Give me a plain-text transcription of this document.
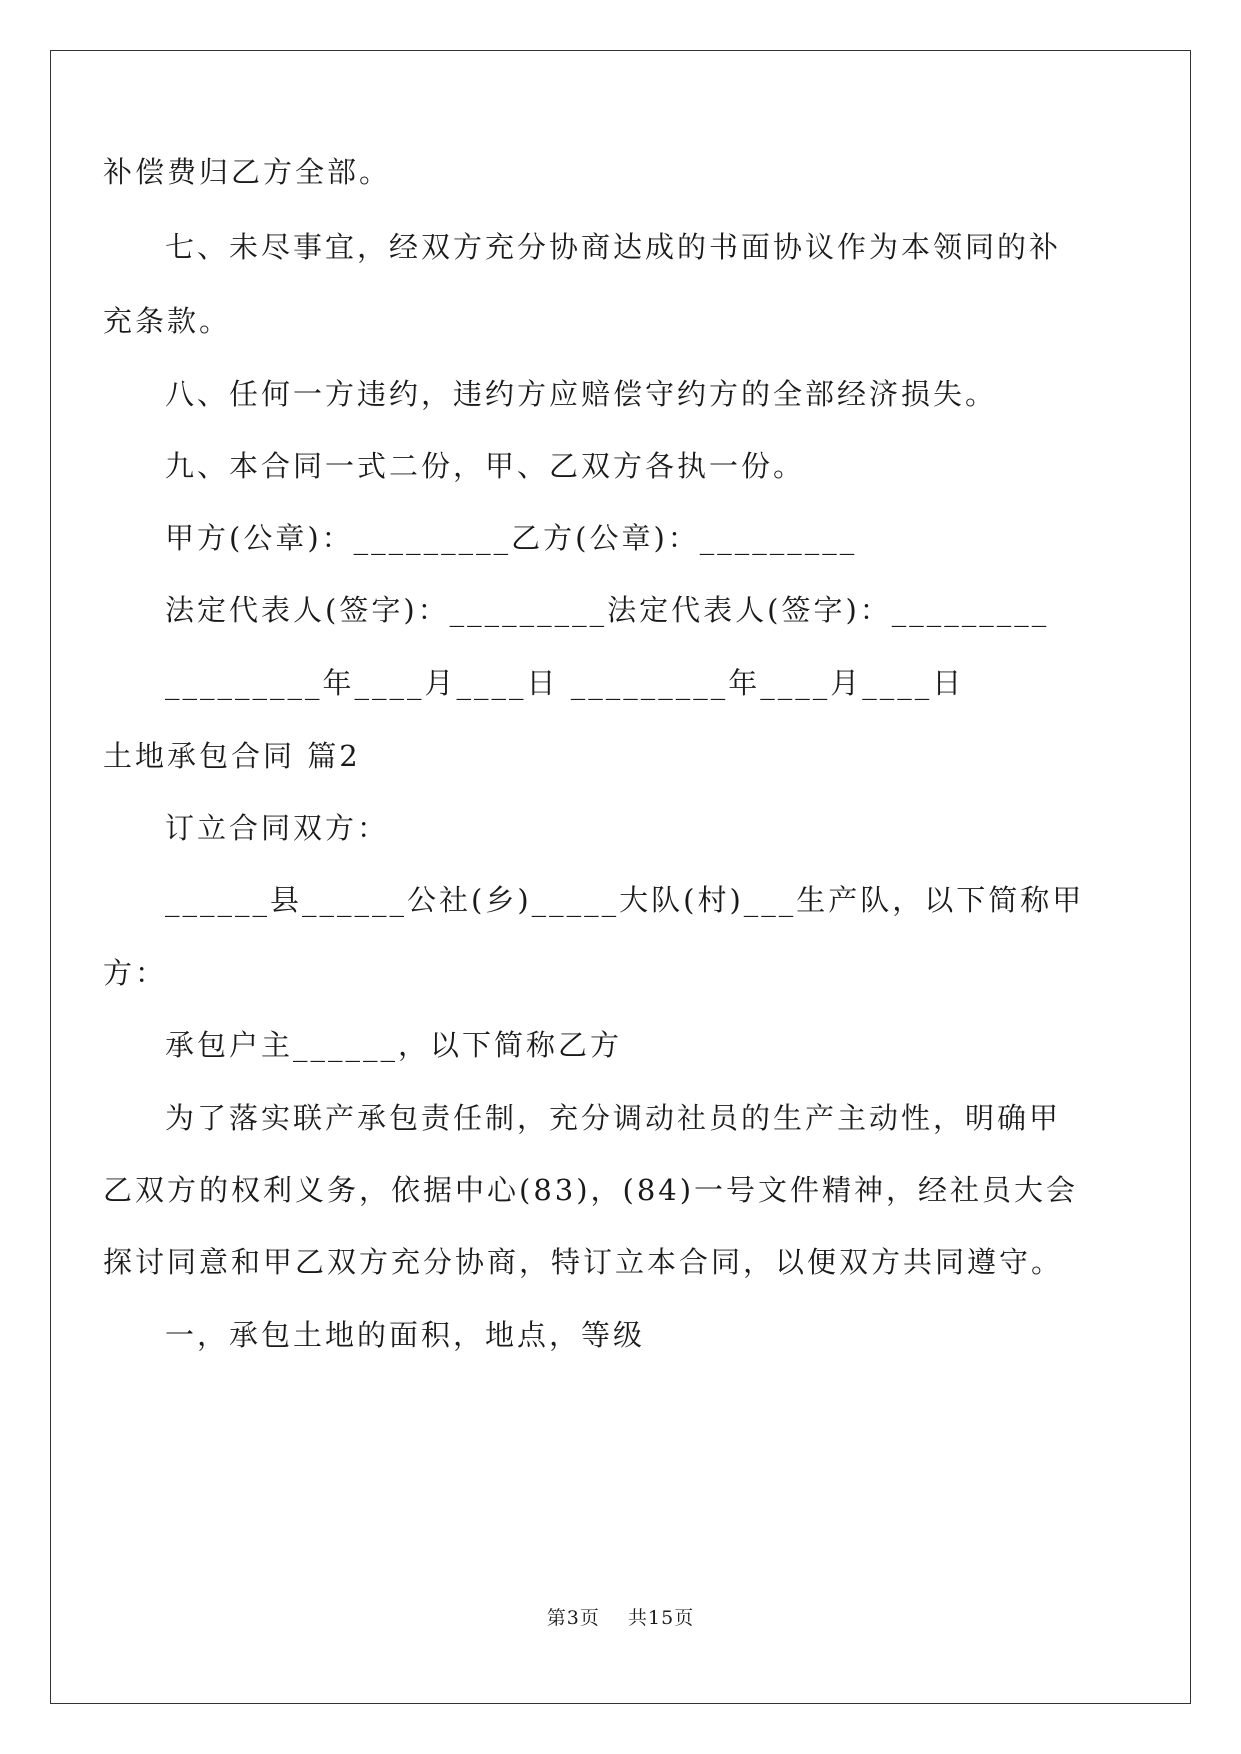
补偿费归乙方全部。
七、未尽事宜，经双方充分协商达成的书面协议作为本领同的补
充条款。
八、任何一方违约，违约方应赔偿守约方的全部经济损失。
九、本合同一式二份，甲、乙双方各执一份。
甲方(公章)：_________乙方(公章)：_________
法定代表人(签字)：_________法定代表人(签字)：_________
_________年____月____日 _________年____月____日
土地承包合同 篇2
订立合同双方：
______县______公社(乡)_____大队(村)___生产队，以下简称甲
方：
承包户主______，以下简称乙方
为了落实联产承包责任制，充分调动社员的生产主动性，明确甲
乙双方的权利义务，依据中心(83)，(84)一号文件精神，经社员大会
探讨同意和甲乙双方充分协商，特订立本合同，以便双方共同遵守。
一，承包土地的面积，地点，等级
第3页 共15页
